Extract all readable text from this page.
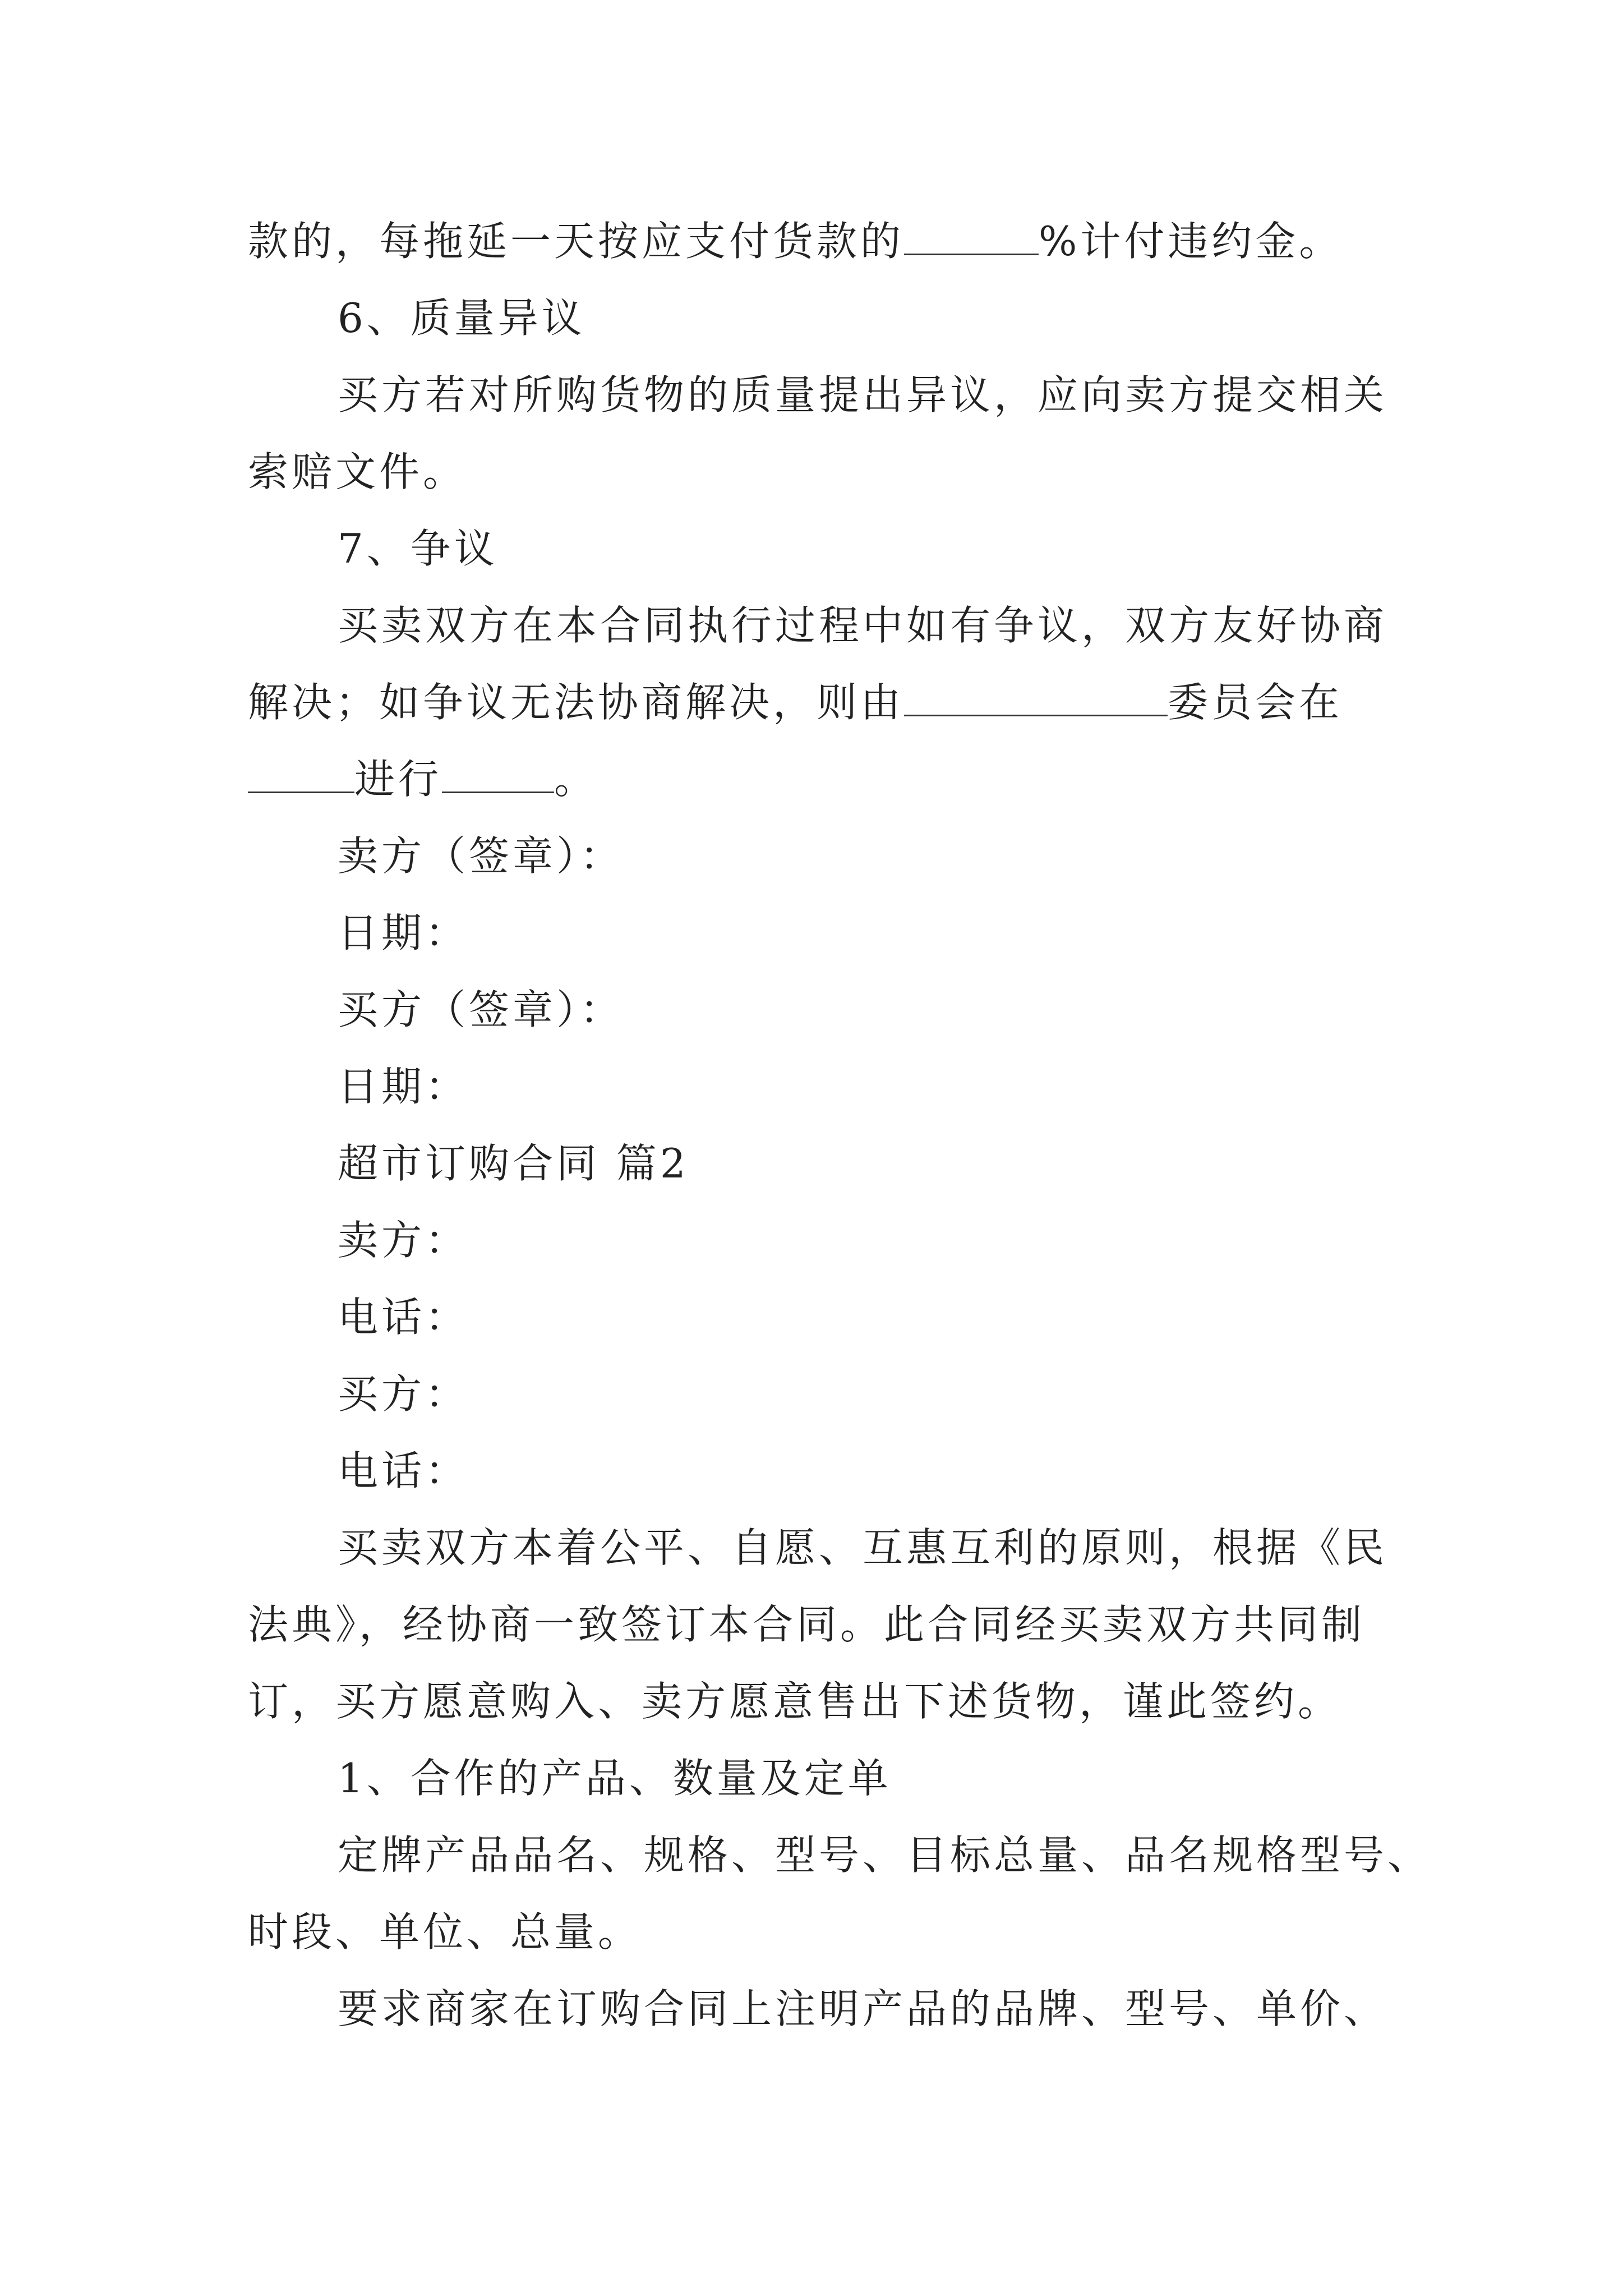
款的，每拖延一天按应支付货款的	%计付违约金。
6、质量异议
买方若对所购货物的质量提出异议，应向卖方提交相关
索赔文件。
7、争议
买卖双方在本合同执行过程中如有争议，双方友好协商
解决；如争议无法协商解决，则由	委员会在
进行	。
卖方（签章）：
日期：
买方（签章）：
日期：
超市订购合同 篇2
卖方：
电话：
买方：
电话：
买卖双方本着公平、自愿、互惠互利的原则，根据《民
法典》，经协商一致签订本合同。此合同经买卖双方共同制
订，买方愿意购入、卖方愿意售出下述货物，谨此签约。
1、合作的产品、数量及定单
定牌产品品名、规格、型号、目标总量、品名规格型号、
时段、单位、总量。
要求商家在订购合同上注明产品的品牌、型号、单价、
